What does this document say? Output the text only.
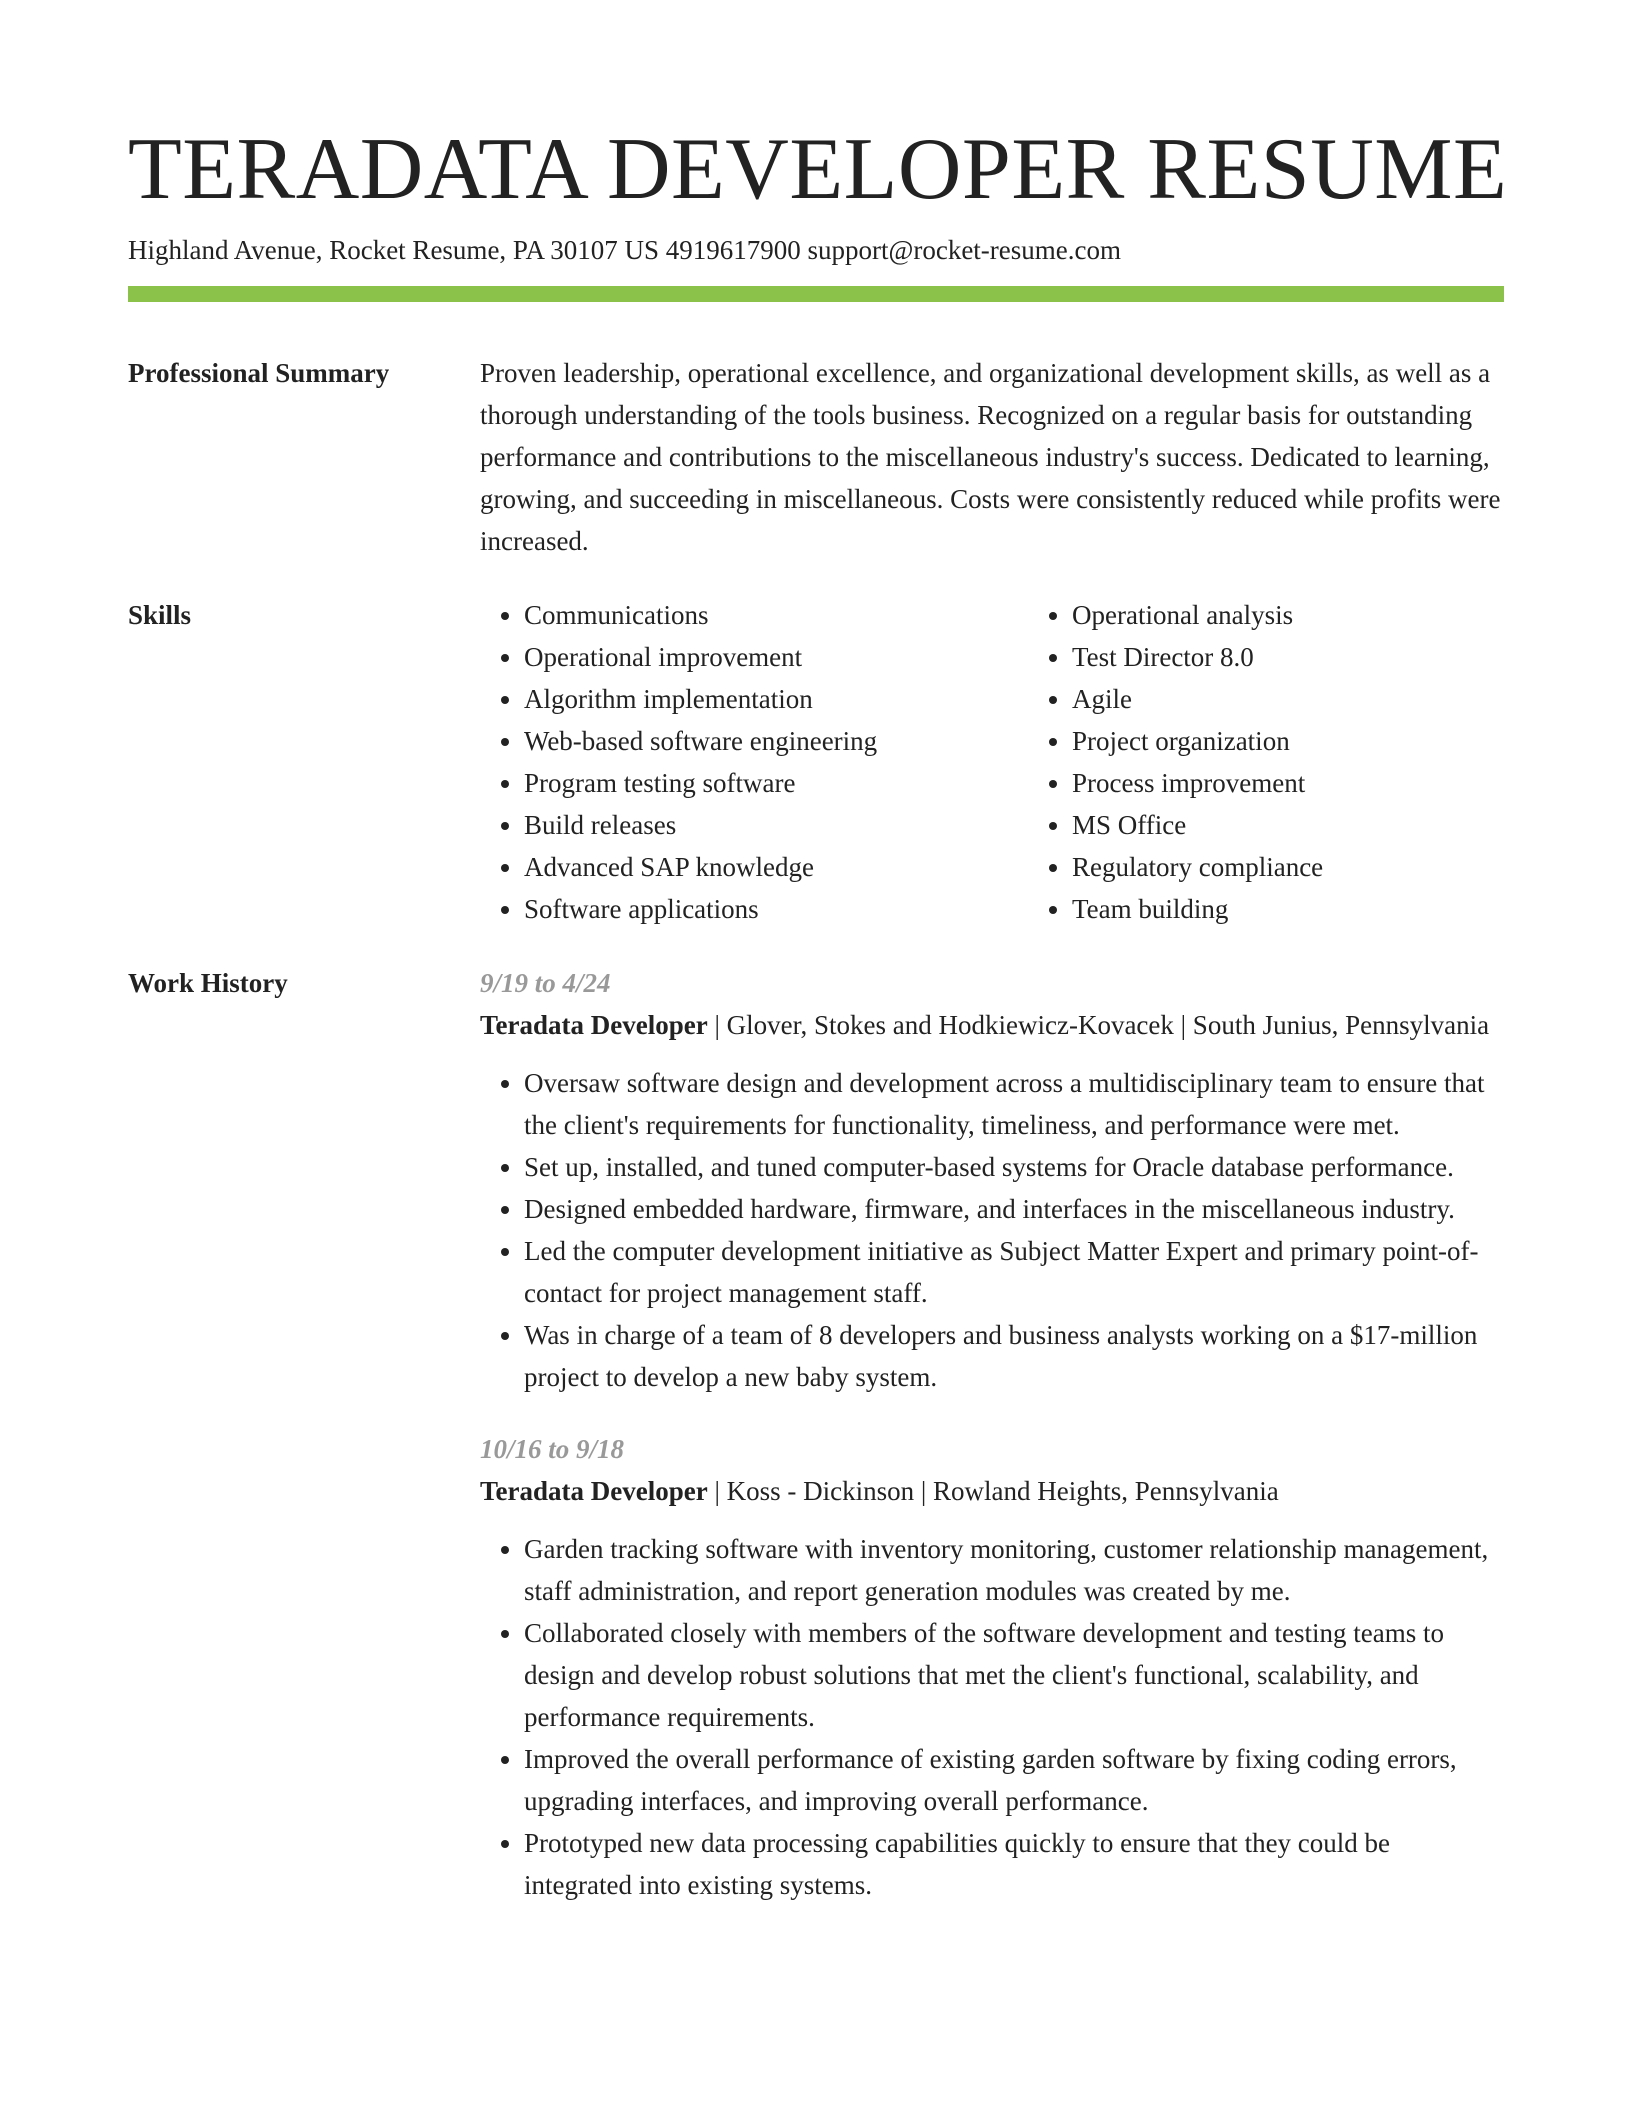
TERADATA DEVELOPER RESUME
Highland Avenue, Rocket Resume, PA 30107 US 4919617900 support@rocket-resume.com
Professional Summary	Proven leadership, operational excellence, and organizational development skills, as well as a thorough understanding of the tools business. Recognized on a regular basis for outstanding performance and contributions to the miscellaneous industry's success. Dedicated to learning, growing, and succeeding in miscellaneous. Costs were consistently reduced while profits were increased.
Skills
•	Communications
• Operational improvement
• Algorithm implementation
• Web-based software engineering
• Program testing software
• Build releases
• Advanced SAP knowledge
• Software applications
• Operational analysis
• Test Director 8.0
• Agile
• Project organization
• Process improvement
• MS Office
• Regulatory compliance
• Team building
Work History	9/19 to 4/24
Teradata Developer | Glover, Stokes and Hodkiewicz-Kovacek | South Junius, Pennsylvania
• Oversaw software design and development across a multidisciplinary team to ensure that the client's requirements for functionality, timeliness, and performance were met.
• Set up, installed, and tuned computer-based systems for Oracle database performance.
• Designed embedded hardware, firmware, and interfaces in the miscellaneous industry.
• Led the computer development initiative as Subject Matter Expert and primary point-of-contact for project management staff.
• Was in charge of a team of 8 developers and business analysts working on a $17-million project to develop a new baby system.
10/16 to 9/18
Teradata Developer | Koss - Dickinson | Rowland Heights, Pennsylvania
• Garden tracking software with inventory monitoring, customer relationship management, staff administration, and report generation modules was created by me.
• Collaborated closely with members of the software development and testing teams to design and develop robust solutions that met the client's functional, scalability, and performance requirements.
• Improved the overall performance of existing garden software by fixing coding errors, upgrading interfaces, and improving overall performance.
• Prototyped new data processing capabilities quickly to ensure that they could be integrated into existing systems.
